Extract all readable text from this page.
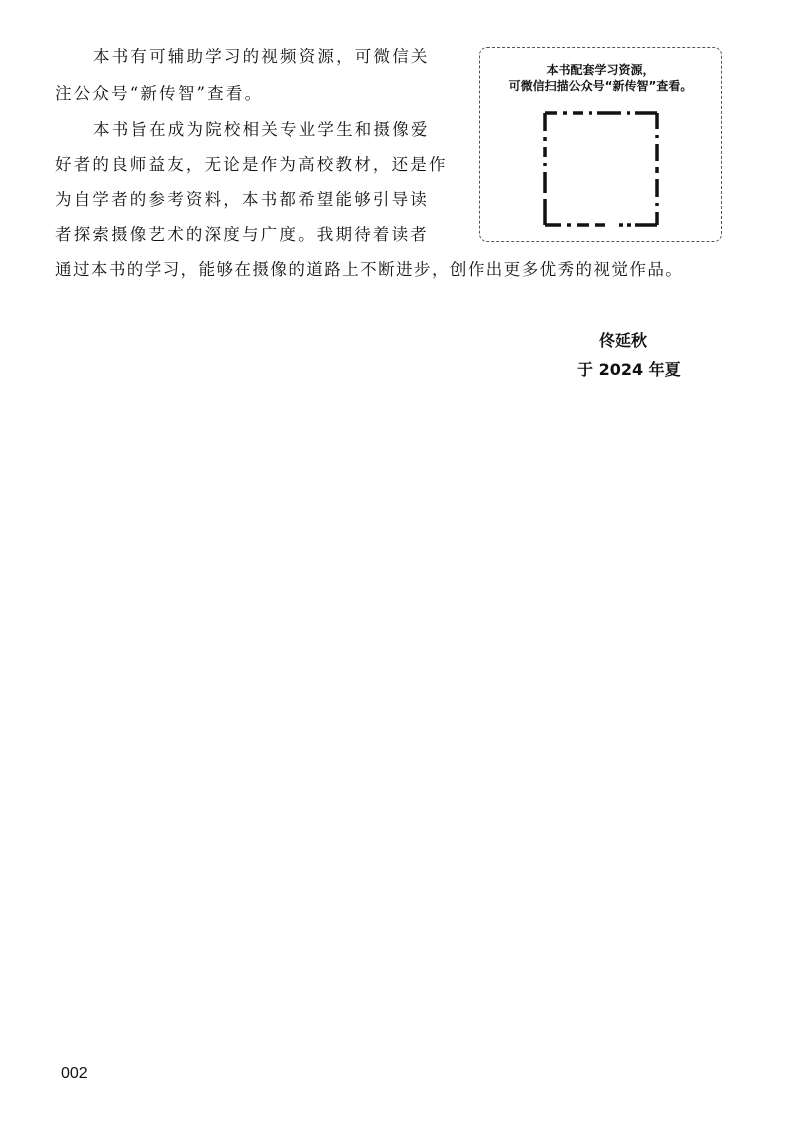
本书有可辅助学习的视频资源，可微信关
注公众号“新传智”查看。
本书旨在成为院校相关专业学生和摄像爱
好者的良师益友，无论是作为高校教材，还是作
为自学者的参考资料，本书都希望能够引导读
者探索摄像艺术的深度与广度。我期待着读者
通过本书的学习，能够在摄像的道路上不断进步，创作出更多优秀的视觉作品。
本书配套学习资源，
可微信扫描公众号“新传智”查看。
佟延秋
于 2024 年夏
002
